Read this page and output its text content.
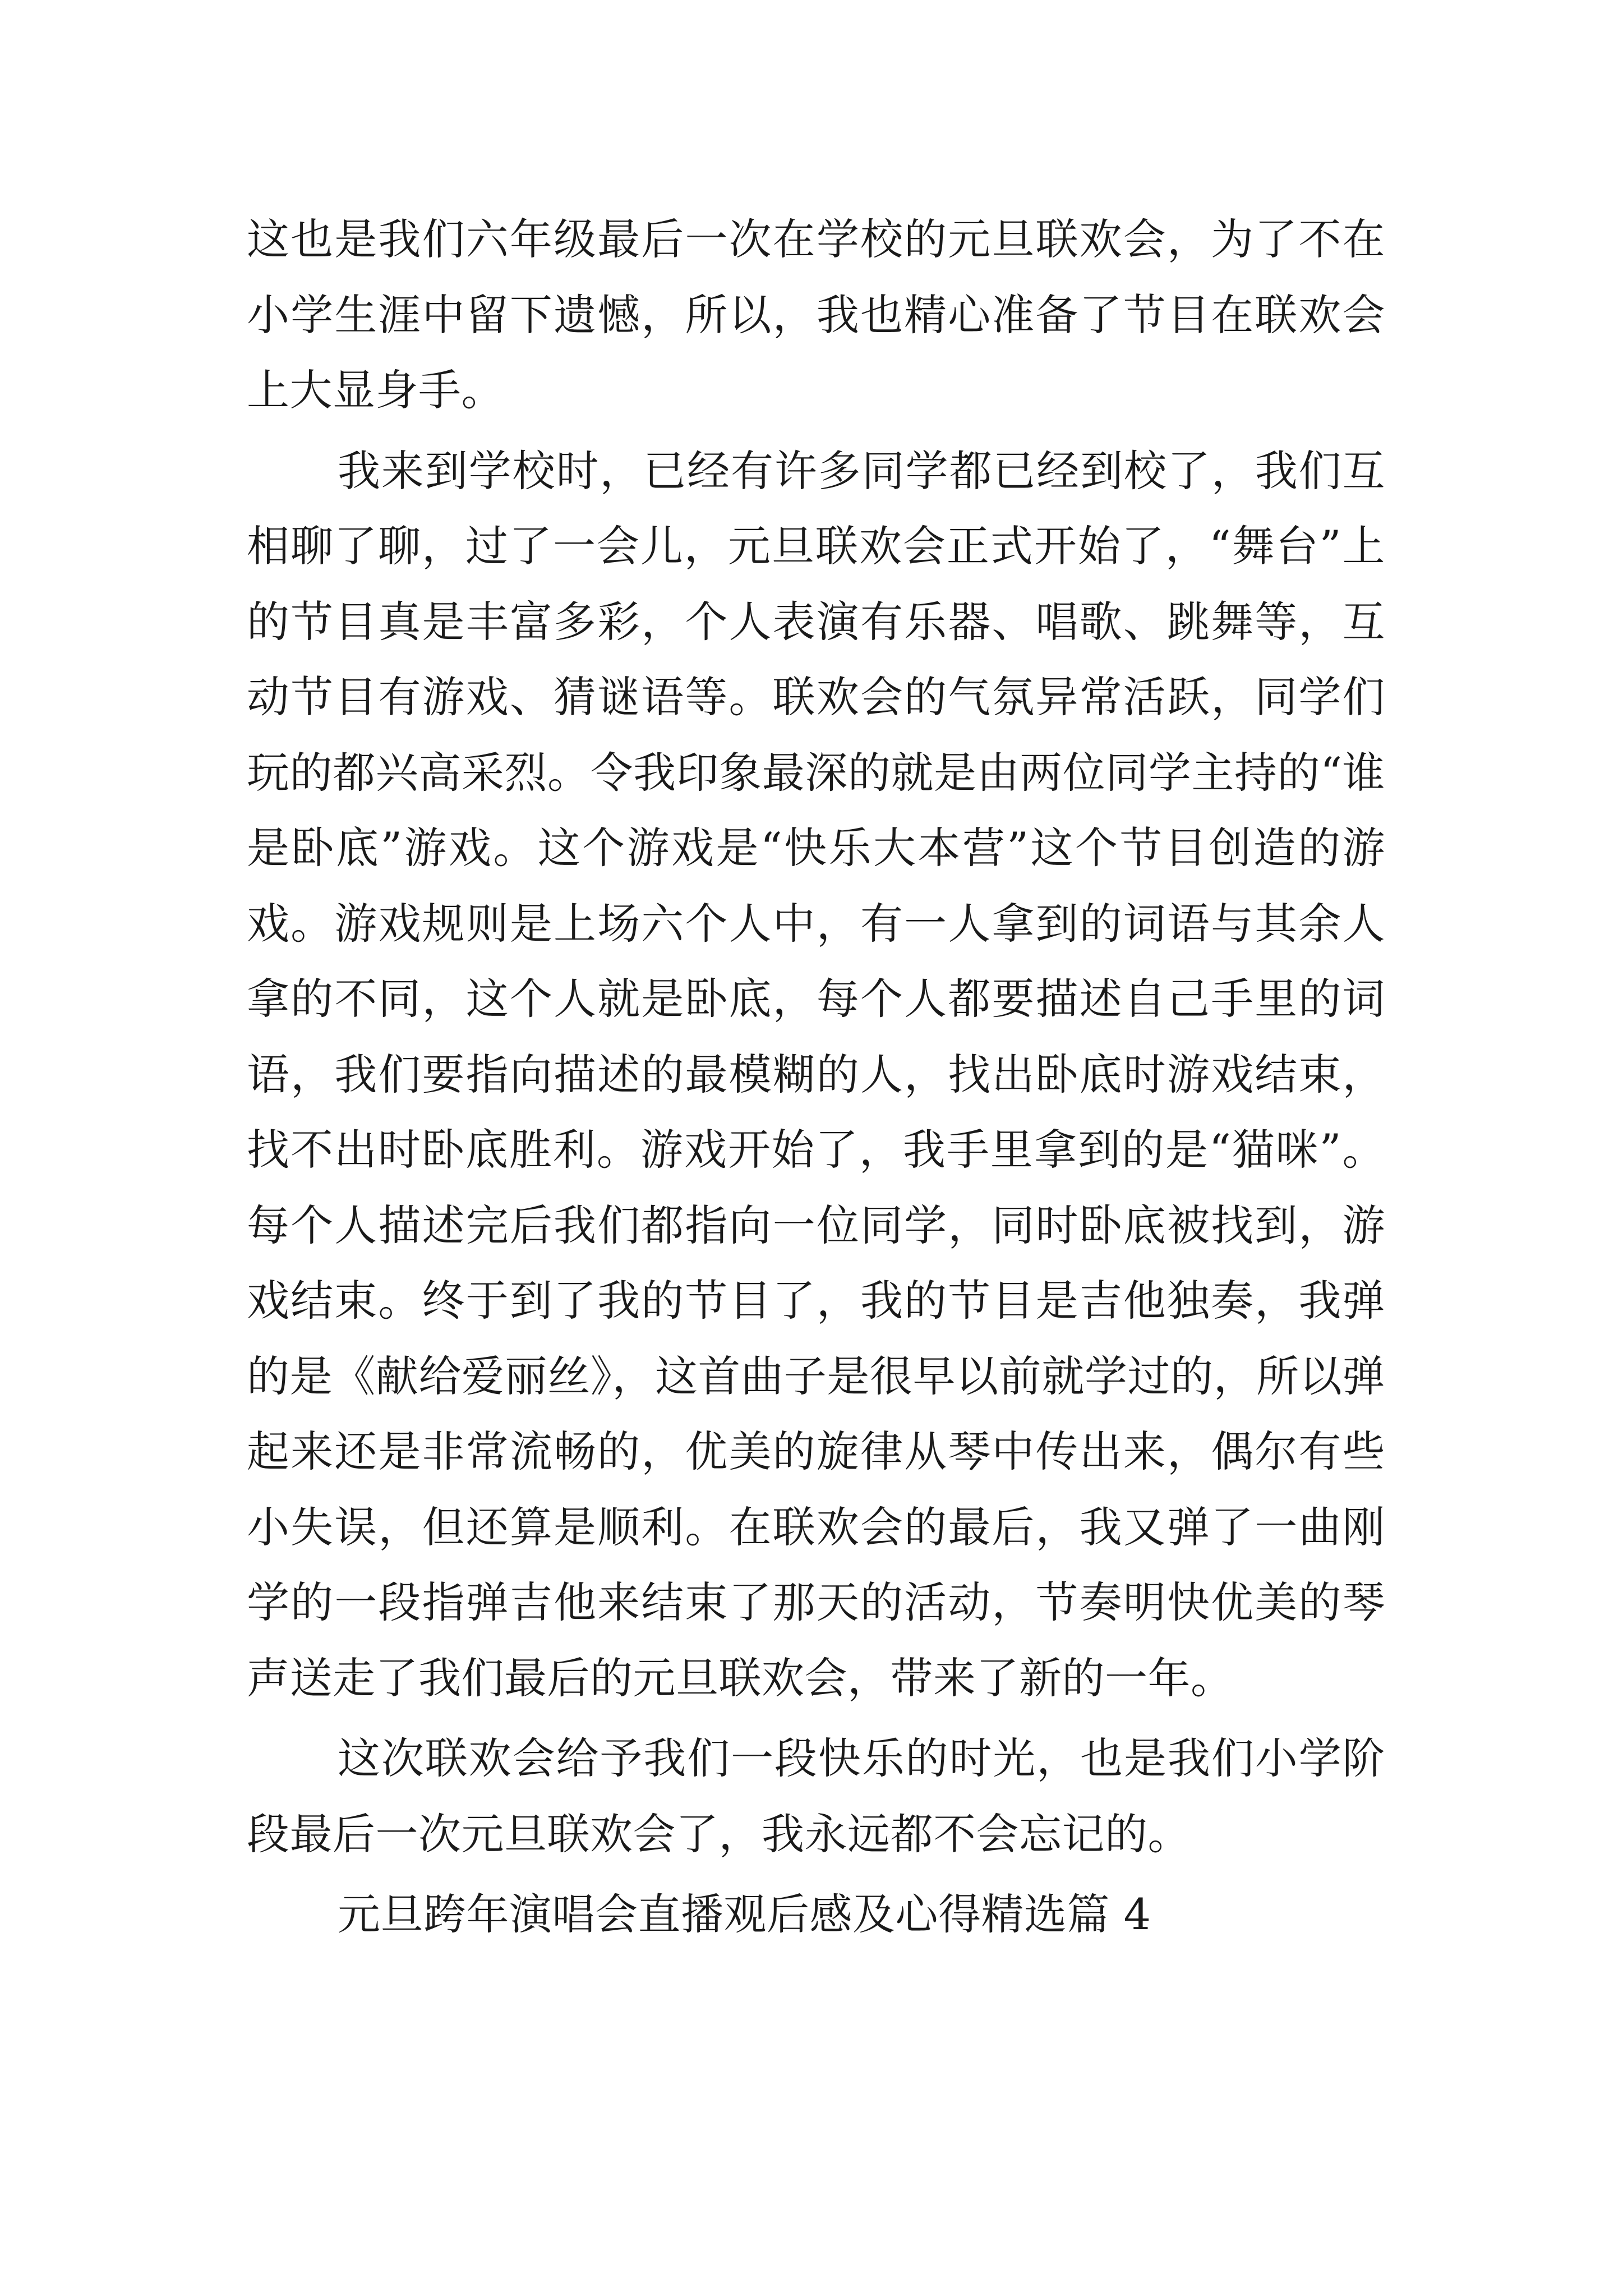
这也是我们六年级最后一次在学校的元旦联欢会，为了不在小学生涯中留下遗憾，所以，我也精心准备了节目在联欢会上大显身手。

我来到学校时，已经有许多同学都已经到校了，我们互相聊了聊，过了一会儿，元旦联欢会正式开始了，“舞台”上的节目真是丰富多彩，个人表演有乐器、唱歌、跳舞等，互动节目有游戏、猜谜语等。联欢会的气氛异常活跃，同学们玩的都兴高采烈。令我印象最深的就是由两位同学主持的“谁是卧底”游戏。这个游戏是“快乐大本营”这个节目创造的游戏。游戏规则是上场六个人中，有一人拿到的词语与其余人拿的不同，这个人就是卧底，每个人都要描述自己手里的词语，我们要指向描述的最模糊的人，找出卧底时游戏结束，找不出时卧底胜利。游戏开始了，我手里拿到的是“猫咪”。每个人描述完后我们都指向一位同学，同时卧底被找到，游戏结束。终于到了我的节目了，我的节目是吉他独奏，我弹的是《献给爱丽丝》，这首曲子是很早以前就学过的，所以弹起来还是非常流畅的，优美的旋律从琴中传出来，偶尔有些小失误，但还算是顺利。在联欢会的最后，我又弹了一曲刚学的一段指弹吉他来结束了那天的活动，节奏明快优美的琴声送走了我们最后的元旦联欢会，带来了新的一年。

这次联欢会给予我们一段快乐的时光，也是我们小学阶段最后一次元旦联欢会了，我永远都不会忘记的。

元旦跨年演唱会直播观后感及心得精选篇 4
